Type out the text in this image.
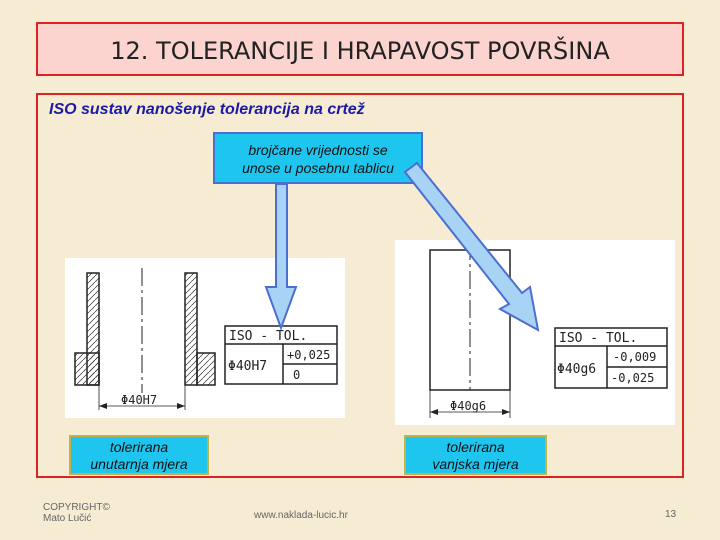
12. TOLERANCIJE I HRAPAVOST POVRŠINA
ISO sustav nanošenje tolerancija na crtež
brojčane vrijednosti se
unose u posebnu tablicu
Φ40H7
ISO - TOL.
Φ40H7
+0,025
0
Φ40g6
ISO - TOL.
Φ40g6
-0,009
-0,025
tolerirana
unutarnja mjera
tolerirana
vanjska mjera
COPYRIGHT©
Mato Lučić	www.naklada-lucic.hr	13
